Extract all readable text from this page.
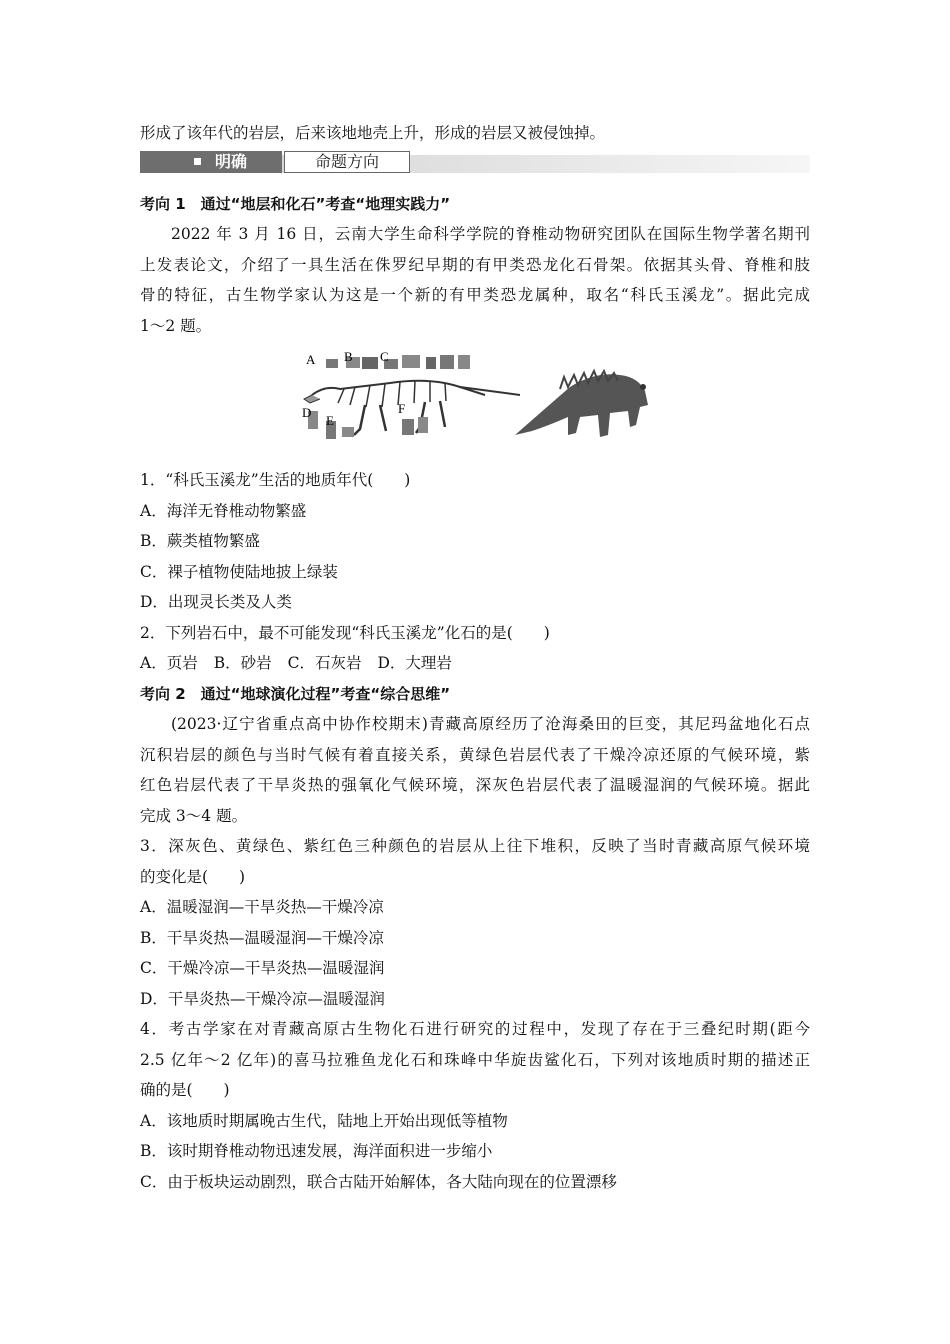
形成了该年代的岩层，后来该地地壳上升，形成的岩层又被侵蚀掉。
明确	命题方向
考向 1　通过“地层和化石”考查“地理实践力”
2022 年 3 月 16 日，云南大学生命科学学院的脊椎动物研究团队在国际生物学著名期刊
上发表论文，介绍了一具生活在侏罗纪早期的有甲类恐龙化石骨架。依据其头骨、脊椎和肢
骨的特征，古生物学家认为这是一个新的有甲类恐龙属种，取名“科氏玉溪龙”。据此完成
1～2 题。
A B C
D
E
F
1．“科氏玉溪龙”生活的地质年代(　　)
A．海洋无脊椎动物繁盛
B．蕨类植物繁盛
C．裸子植物使陆地披上绿装
D．出现灵长类及人类
2．下列岩石中，最不可能发现“科氏玉溪龙”化石的是(　　)
A．页岩 B．砂岩 C．石灰岩 D．大理岩
考向 2　通过“地球演化过程”考查“综合思维”
(2023·辽宁省重点高中协作校期末)青藏高原经历了沧海桑田的巨变，其尼玛盆地化石点
沉积岩层的颜色与当时气候有着直接关系，黄绿色岩层代表了干燥冷凉还原的气候环境，紫
红色岩层代表了干旱炎热的强氧化气候环境，深灰色岩层代表了温暖湿润的气候环境。据此
完成 3～4 题。
3．深灰色、黄绿色、紫红色三种颜色的岩层从上往下堆积，反映了当时青藏高原气候环境
的变化是(　　)
A．温暖湿润—干旱炎热—干燥冷凉
B．干旱炎热—温暖湿润—干燥冷凉
C．干燥冷凉—干旱炎热—温暖湿润
D．干旱炎热—干燥冷凉—温暖湿润
4．考古学家在对青藏高原古生物化石进行研究的过程中，发现了存在于三叠纪时期(距今
2.5 亿年～2 亿年)的喜马拉雅鱼龙化石和珠峰中华旋齿鲨化石，下列对该地质时期的描述正
确的是(　　)
A．该地质时期属晚古生代，陆地上开始出现低等植物
B．该时期脊椎动物迅速发展，海洋面积进一步缩小
C．由于板块运动剧烈，联合古陆开始解体，各大陆向现在的位置漂移
